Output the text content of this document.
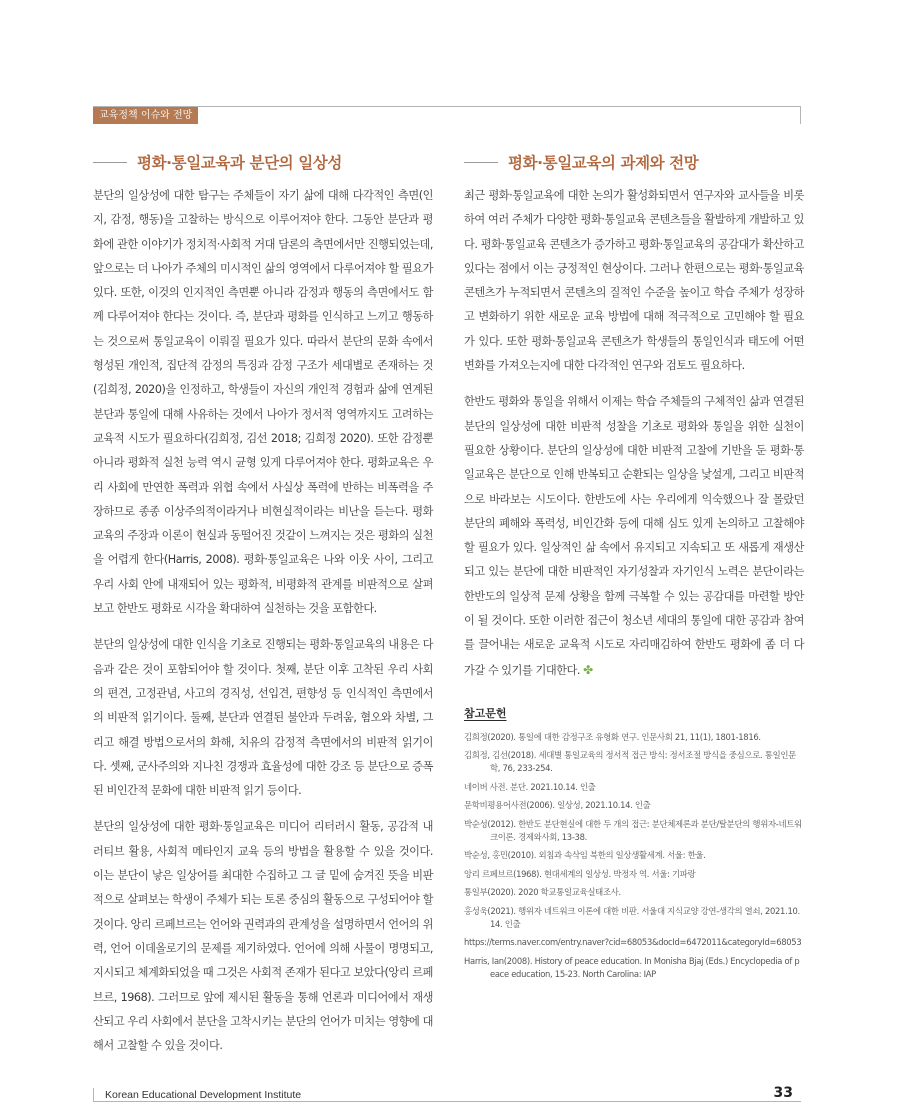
교육정책 이슈와 전망
평화·통일교육과 분단의 일상성

분단의 일상성에 대한 탐구는 주체들이 자기 삶에 대해 다각적인 측면(인지, 감정, 행동)을 고찰하는 방식으로 이루어져야 한다. 그동안 분단과 평화에 관한 이야기가 정치적·사회적 거대 담론의 측면에서만 진행되었는데, 앞으로는 더 나아가 주체의 미시적인 삶의 영역에서 다루어져야 할 필요가 있다. 또한, 이것의 인지적인 측면뿐 아니라 감정과 행동의 측면에서도 함께 다루어져야 한다는 것이다. 즉, 분단과 평화를 인식하고 느끼고 행동하는 것으로써 통일교육이 이뤄질 필요가 있다. 따라서 분단의 문화 속에서 형성된 개인적, 집단적 감정의 특징과 감정 구조가 세대별로 존재하는 것(김희정, 2020)을 인정하고, 학생들이 자신의 개인적 경험과 삶에 연계된 분단과 통일에 대해 사유하는 것에서 나아가 정서적 영역까지도 고려하는 교육적 시도가 필요하다(김희정, 김선 2018; 김희정 2020). 또한 감정뿐 아니라 평화적 실천 능력 역시 균형 있게 다루어져야 한다. 평화교육은 우리 사회에 만연한 폭력과 위협 속에서 사실상 폭력에 반하는 비폭력을 주장하므로 종종 이상주의적이라거나 비현실적이라는 비난을 듣는다. 평화교육의 주장과 이론이 현실과 동떨어진 것같이 느껴지는 것은 평화의 실천을 어렵게 한다(Harris, 2008). 평화·통일교육은 나와 이웃 사이, 그리고 우리 사회 안에 내재되어 있는 평화적, 비평화적 관계를 비판적으로 살펴보고 한반도 평화로 시각을 확대하여 실천하는 것을 포함한다.

분단의 일상성에 대한 인식을 기초로 진행되는 평화·통일교육의 내용은 다음과 같은 것이 포함되어야 할 것이다. 첫째, 분단 이후 고착된 우리 사회의 편견, 고정관념, 사고의 경직성, 선입견, 편향성 등 인식적인 측면에서의 비판적 읽기이다. 둘째, 분단과 연결된 불안과 두려움, 혐오와 차별, 그리고 해결 방법으로서의 화해, 치유의 감정적 측면에서의 비판적 읽기이다. 셋째, 군사주의와 지나친 경쟁과 효율성에 대한 강조 등 분단으로 증폭된 비인간적 문화에 대한 비판적 읽기 등이다.

분단의 일상성에 대한 평화·통일교육은 미디어 리터러시 활동, 공감적 내러티브 활용, 사회적 메타인지 교육 등의 방법을 활용할 수 있을 것이다. 이는 분단이 낳은 일상어를 최대한 수집하고 그 글 밑에 숨겨진 뜻을 비판적으로 살펴보는 학생이 주체가 되는 토론 중심의 활동으로 구성되어야 할 것이다. 앙리 르페브르는 언어와 권력과의 관계성을 설명하면서 언어의 위력, 언어 이데올로기의 문제를 제기하였다. 언어에 의해 사물이 명명되고, 지시되고 체계화되었을 때 그것은 사회적 존재가 된다고 보았다(앙리 르페브르, 1968). 그러므로 앞에 제시된 활동을 통해 언론과 미디어에서 재생산되고 우리 사회에서 분단을 고착시키는 분단의 언어가 미치는 영향에 대해서 고찰할 수 있을 것이다.

평화·통일교육의 과제와 전망

최근 평화·통일교육에 대한 논의가 활성화되면서 연구자와 교사들을 비롯하여 여러 주체가 다양한 평화·통일교육 콘텐츠들을 활발하게 개발하고 있다. 평화·통일교육 콘텐츠가 증가하고 평화·통일교육의 공감대가 확산하고 있다는 점에서 이는 긍정적인 현상이다. 그러나 한편으로는 평화·통일교육 콘텐츠가 누적되면서 콘텐츠의 질적인 수준을 높이고 학습 주체가 성장하고 변화하기 위한 새로운 교육 방법에 대해 적극적으로 고민해야 할 필요가 있다. 또한 평화·통일교육 콘텐츠가 학생들의 통일인식과 태도에 어떤 변화를 가져오는지에 대한 다각적인 연구와 검토도 필요하다.

한반도 평화와 통일을 위해서 이제는 학습 주체들의 구체적인 삶과 연결된 분단의 일상성에 대한 비판적 성찰을 기초로 평화와 통일을 위한 실천이 필요한 상황이다. 분단의 일상성에 대한 비판적 고찰에 기반을 둔 평화·통일교육은 분단으로 인해 반복되고 순환되는 일상을 낯설게, 그리고 비판적으로 바라보는 시도이다. 한반도에 사는 우리에게 익숙했으나 잘 몰랐던 분단의 폐해와 폭력성, 비인간화 등에 대해 심도 있게 논의하고 고찰해야 할 필요가 있다. 일상적인 삶 속에서 유지되고 지속되고 또 새롭게 재생산되고 있는 분단에 대한 비판적인 자기성찰과 자기인식 노력은 분단이라는 한반도의 일상적 문제 상황을 함께 극복할 수 있는 공감대를 마련할 방안이 될 것이다. 또한 이러한 접근이 청소년 세대의 통일에 대한 공감과 참여를 끌어내는 새로운 교육적 시도로 자리매김하여 한반도 평화에 좀 더 다가갈 수 있기를 기대한다. ✤

참고문헌
김희정(2020). 통일에 대한 감정구조 유형화 연구. 인문사회 21, 11(1), 1801-1816.
김희정, 김선(2018). 세대별 통일교육의 정서적 접근 방식: 정서조절 방식을 중심으로. 통일인문학, 76, 233-254.
네이버 사전. 분단. 2021.10.14. 인출
문학비평용어사전(2006). 일상성, 2021.10.14. 인출
박순성(2012). 한반도 분단현실에 대한 두 개의 접근: 분단체제론과 분단/탈분단의 행위자-네트워크이론. 경제와사회, 13-38.
박순성, 홍민(2010). 외침과 속삭임 북한의 일상생활세계. 서울: 한울.
앙리 르페브르(1968). 현대세계의 일상성. 박정자 역. 서울: 기파랑
통일부(2020). 2020 학교통일교육실태조사.
홍성욱(2021). 행위자 네트워크 이론에 대한 비판. 서울대 지식교양 강연-생각의 열쇠, 2021.10.14. 인출
https://terms.naver.com/entry.naver?cid=68053&docId=6472011&categoryId=68053
Harris, Ian(2008). History of peace education. In Monisha Bjaj (Eds.) Encyclopedia of peace education, 15-23. North Carolina: IAP
Korean Educational Development Institute	33
